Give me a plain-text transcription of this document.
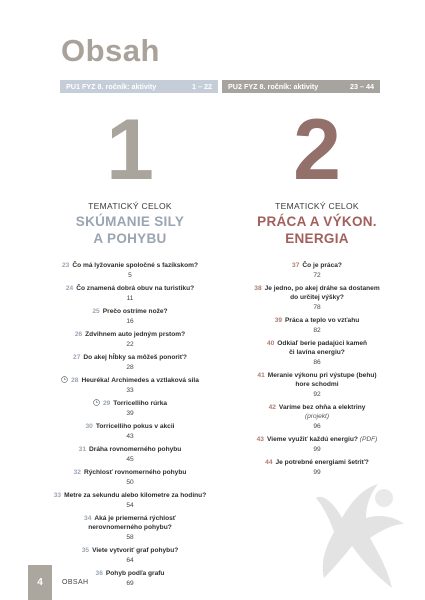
Obsah
PU1 FYZ 8. ročník: aktivity	1 – 22 PU2 FYZ 8. ročník: aktivity	23 – 44
1 2
TEMATICKÝ CELOK
SKÚMANIE SILY
A POHYBU
23 Čo má lyžovanie spoločné s fazíkskom?
5
24 Čo znamená dobrá obuv na turistiku?
11
25 Prečo ostríme nože?
16
26 Zdvihnem auto jedným prstom?
22
27 Do akej hĺbky sa môžeš ponoriť?
28
28 Heuréka! Archimedes a vztlaková sila
33
29 Torricelliho rúrka
39
30 Torricelliho pokus v akcii
43
31 Dráha rovnomerného pohybu
45
32 Rýchlosť rovnomerného pohybu
50
33 Metre za sekundu alebo kilometre za hodinu?
54
34 Aká je priemerná rýchlosť
nerovnomerného pohybu?
58
35 Viete vytvoriť graf pohybu?
64
36 Pohyb podľa grafu
69
TEMATICKÝ CELOK
PRÁCA A VÝKON.
ENERGIA
37 Čo je práca?
72
38 Je jedno, po akej dráhe sa dostanem
do určitej výšky?
78
39 Práca a teplo vo vzťahu
82
40 Odkiaľ berie padajúci kameň
či lavína energiu?
86
41 Meranie výkonu pri výstupe (behu)
hore schodmi
92
42 Varíme bez ohňa a elektriny
(projekt)
96
43 Vieme využiť každú energiu? (PDF)
99
44 Je potrebné energiami šetriť?
99
4	OBSAH
